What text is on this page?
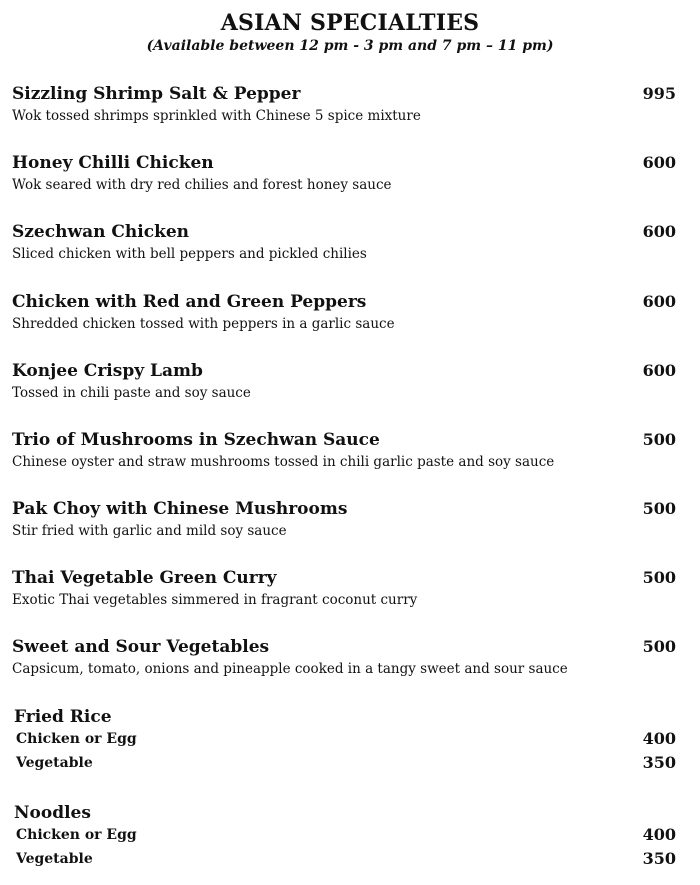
ASIAN SPECIALTIES
(Available between 12 pm - 3 pm and 7 pm – 11 pm)
Sizzling Shrimp Salt & Pepper
Wok tossed shrimps sprinkled with Chinese 5 spice mixture
995
Honey Chilli Chicken
Wok seared with dry red chilies and forest honey sauce
600
Szechwan Chicken
Sliced chicken with bell peppers and pickled chilies
600
Chicken with Red and Green Peppers
Shredded chicken tossed with peppers in a garlic sauce
600
Konjee Crispy Lamb
Tossed in chili paste and soy sauce
600
Trio of Mushrooms in Szechwan Sauce
Chinese oyster and straw mushrooms tossed in chili garlic paste and soy sauce
500
Pak Choy with Chinese Mushrooms
Stir fried with garlic and mild soy sauce
500
Thai Vegetable Green Curry
Exotic Thai vegetables simmered in fragrant coconut curry
500
Sweet and Sour Vegetables
Capsicum, tomato, onions and pineapple cooked in a tangy sweet and sour sauce
500
Fried Rice
Chicken or Egg	400
Vegetable	350
Noodles
Chicken or Egg	400
Vegetable	350
